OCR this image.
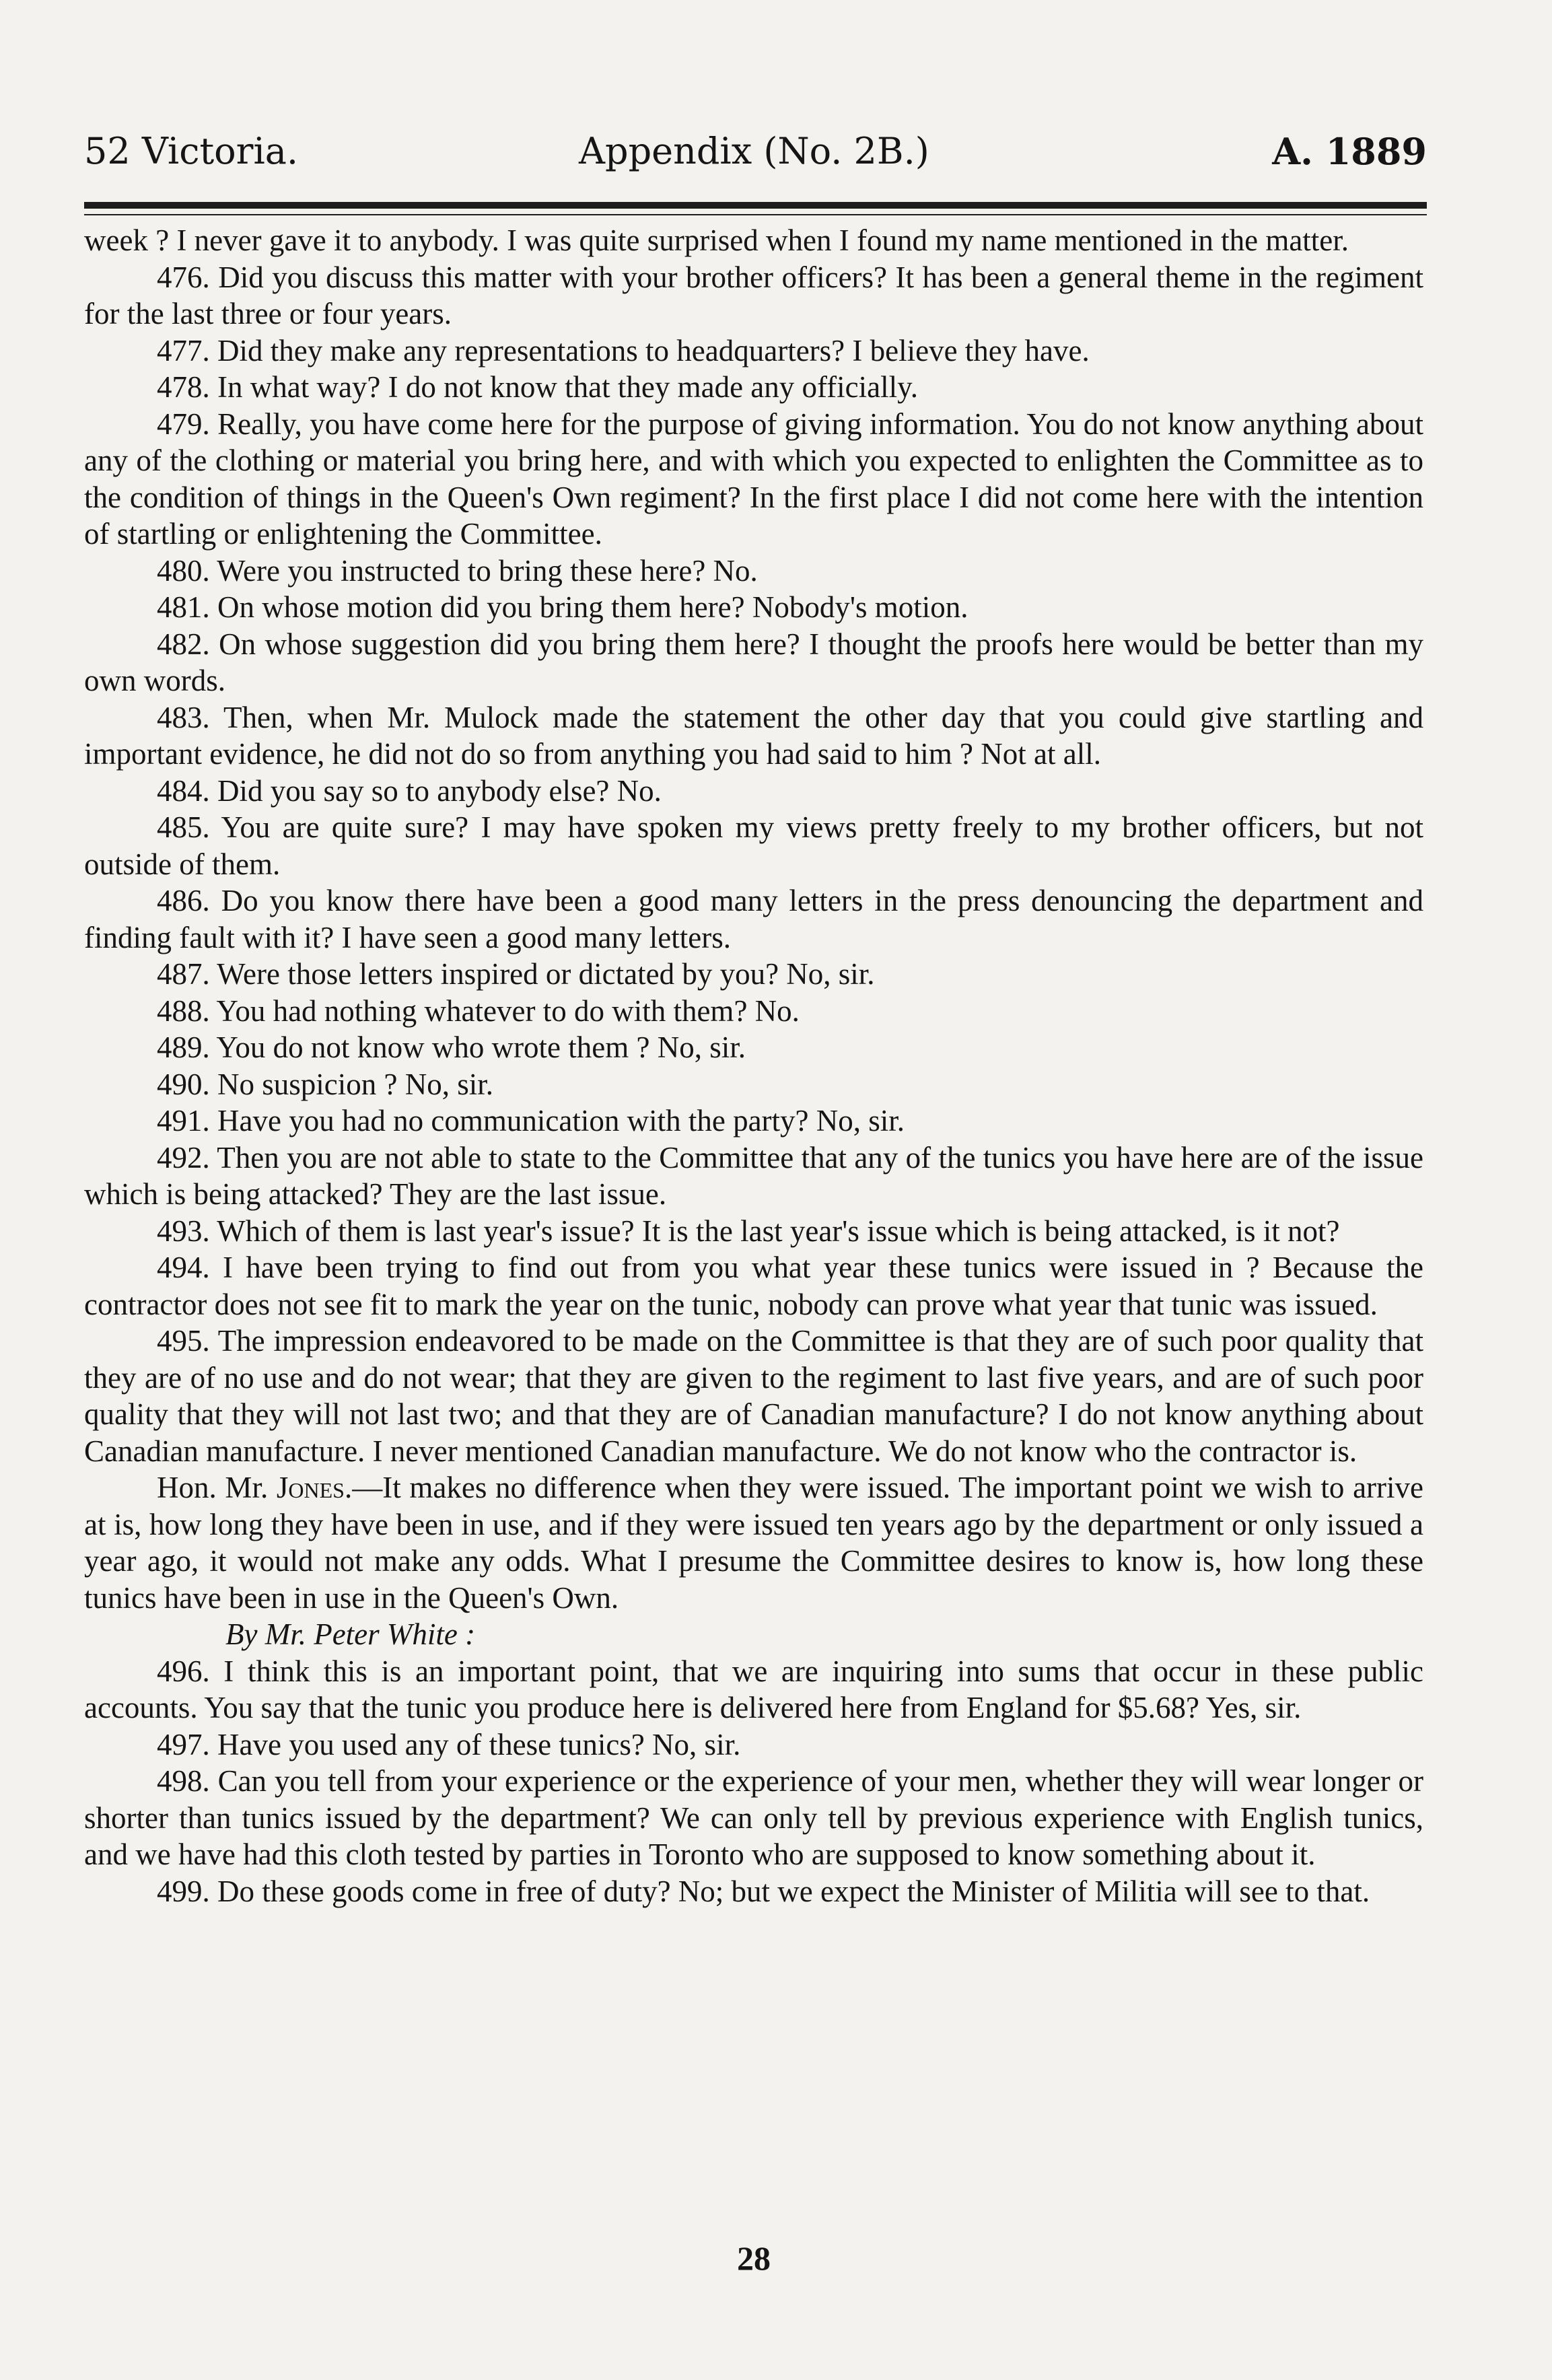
52 Victoria.	Appendix (No. 2B.)	A. 1889

week ? I never gave it to anybody. I was quite surprised when I found my name mentioned in the matter.

476. Did you discuss this matter with your brother officers? It has been a general theme in the regiment for the last three or four years.

477. Did they make any representations to headquarters? I believe they have.

478. In what way? I do not know that they made any officially.

479. Really, you have come here for the purpose of giving information. You do not know anything about any of the clothing or material you bring here, and with which you expected to enlighten the Committee as to the condition of things in the Queen's Own regiment? In the first place I did not come here with the intention of startling or enlightening the Committee.

480. Were you instructed to bring these here? No.

481. On whose motion did you bring them here? Nobody's motion.

482. On whose suggestion did you bring them here? I thought the proofs here would be better than my own words.

483. Then, when Mr. Mulock made the statement the other day that you could give startling and important evidence, he did not do so from anything you had said to him ? Not at all.

484. Did you say so to anybody else? No.

485. You are quite sure? I may have spoken my views pretty freely to my brother officers, but not outside of them.

486. Do you know there have been a good many letters in the press denouncing the department and finding fault with it? I have seen a good many letters.

487. Were those letters inspired or dictated by you? No, sir.

488. You had nothing whatever to do with them? No.

489. You do not know who wrote them ? No, sir.

490. No suspicion ? No, sir.

491. Have you had no communication with the party? No, sir.

492. Then you are not able to state to the Committee that any of the tunics you have here are of the issue which is being attacked? They are the last issue.

493. Which of them is last year's issue? It is the last year's issue which is being attacked, is it not?

494. I have been trying to find out from you what year these tunics were issued in ? Because the contractor does not see fit to mark the year on the tunic, nobody can prove what year that tunic was issued.

495. The impression endeavored to be made on the Committee is that they are of such poor quality that they are of no use and do not wear; that they are given to the regiment to last five years, and are of such poor quality that they will not last two; and that they are of Canadian manufacture? I do not know anything about Canadian manufacture. I never mentioned Canadian manufacture. We do not know who the contractor is.

Hon. Mr. Jones.—It makes no difference when they were issued. The important point we wish to arrive at is, how long they have been in use, and if they were issued ten years ago by the department or only issued a year ago, it would not make any odds. What I presume the Committee desires to know is, how long these tunics have been in use in the Queen's Own.

By Mr. Peter White :

496. I think this is an important point, that we are inquiring into sums that occur in these public accounts. You say that the tunic you produce here is delivered here from England for $5.68? Yes, sir.

497. Have you used any of these tunics? No, sir.

498. Can you tell from your experience or the experience of your men, whether they will wear longer or shorter than tunics issued by the department? We can only tell by previous experience with English tunics, and we have had this cloth tested by parties in Toronto who are supposed to know something about it.

499. Do these goods come in free of duty? No; but we expect the Minister of Militia will see to that.

28
